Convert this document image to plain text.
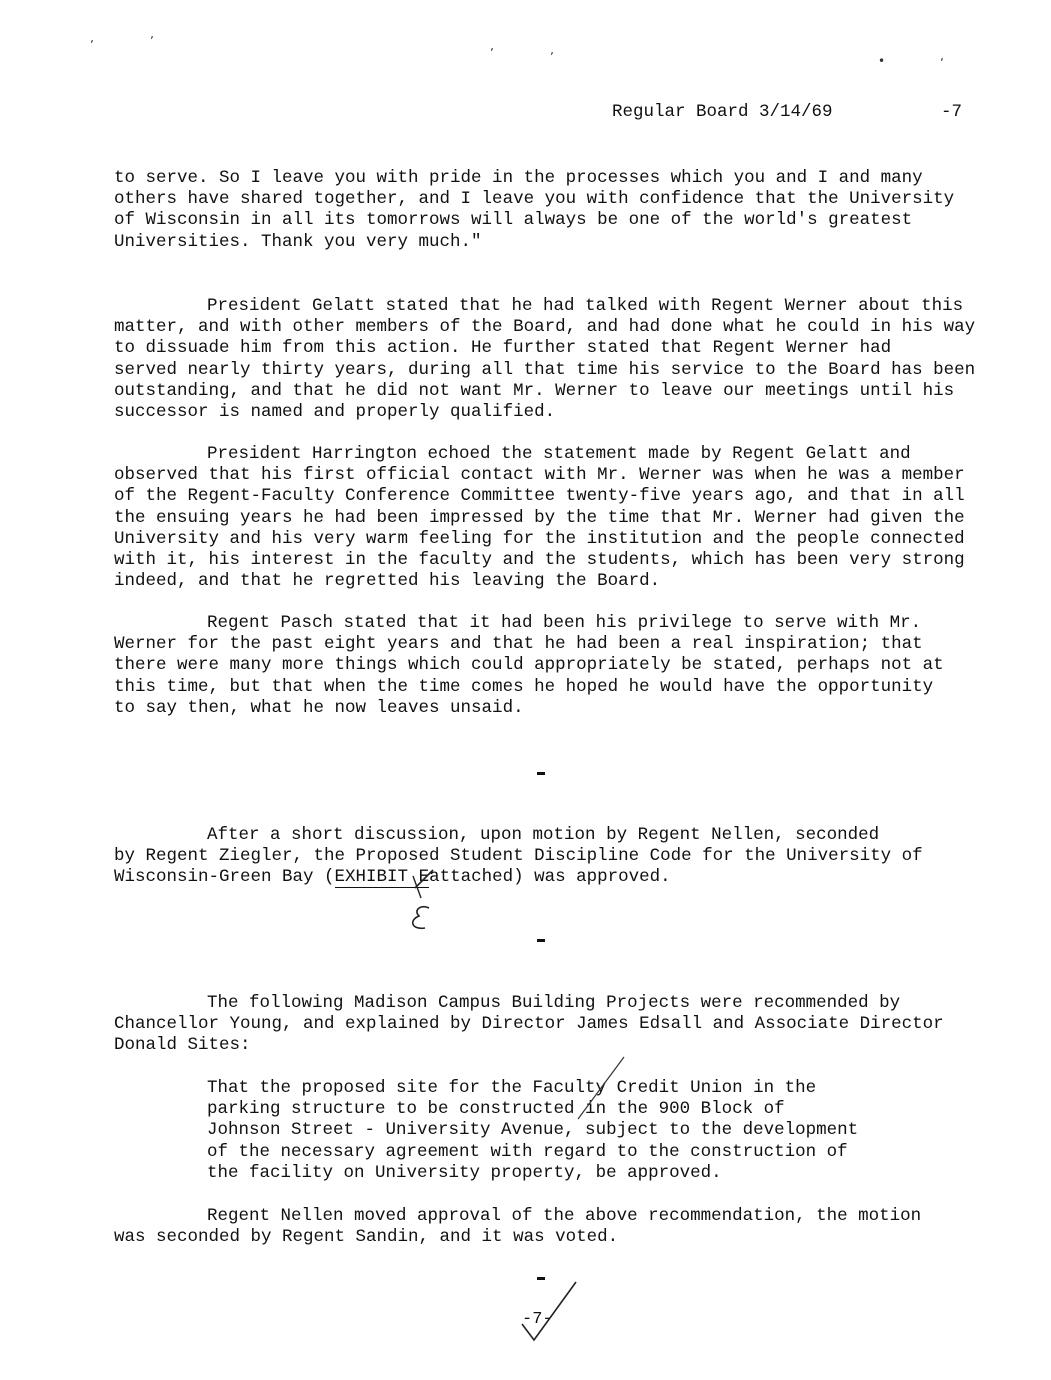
ʼ	ʼ
ʼ	ʼ	•	ʼ
Regular Board 3/14/69	-7
to serve. So I leave you with pride in the processes which you and I and many
others have shared together, and I leave you with confidence that the University
of Wisconsin in all its tomorrows will always be one of the world's greatest
Universities. Thank you very much."
President Gelatt stated that he had talked with Regent Werner about this
matter, and with other members of the Board, and had done what he could in his way
to dissuade him from this action. He further stated that Regent Werner had
served nearly thirty years, during all that time his service to the Board has been
outstanding, and that he did not want Mr. Werner to leave our meetings until his
successor is named and properly qualified.
President Harrington echoed the statement made by Regent Gelatt and
observed that his first official contact with Mr. Werner was when he was a member
of the Regent-Faculty Conference Committee twenty-five years ago, and that in all
the ensuing years he had been impressed by the time that Mr. Werner had given the
University and his very warm feeling for the institution and the people connected
with it, his interest in the faculty and the students, which has been very strong
indeed, and that he regretted his leaving the Board.
Regent Pasch stated that it had been his privilege to serve with Mr.
Werner for the past eight years and that he had been a real inspiration; that
there were many more things which could appropriately be stated, perhaps not at
this time, but that when the time comes he hoped he would have the opportunity
to say then, what he now leaves unsaid.
After a short discussion, upon motion by Regent Nellen, seconded
by Regent Ziegler, the Proposed Student Discipline Code for the University of
Wisconsin-Green Bay (EXHIBIT Eattached) was approved.
The following Madison Campus Building Projects were recommended by
Chancellor Young, and explained by Director James Edsall and Associate Director
Donald Sites:
That the proposed site for the Faculty Credit Union in the
parking structure to be constructed in the 900 Block of
Johnson Street - University Avenue, subject to the development
of the necessary agreement with regard to the construction of
the facility on University property, be approved.
Regent Nellen moved approval of the above recommendation, the motion
was seconded by Regent Sandin, and it was voted.
-7-
